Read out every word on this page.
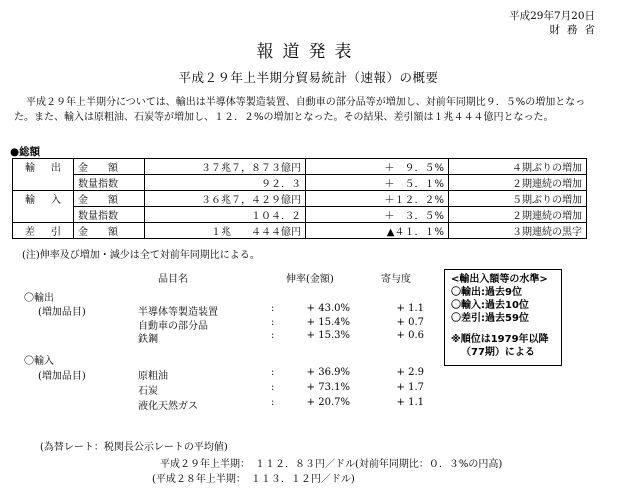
平成29年7月20日
財務省
報道発表
平成２９年上半期分貿易統計（速報）の概要

平成２９年上半期分については、輸出は半導体等製造装置、自動車の部分品等が増加し、対前年同期比９．５%の増加となった。また、輸入は原粗油、石炭等が増加し、１２．２%の増加となった。その結果、差引額は１兆４４４億円となった。

● 総額
輸出	金　　額	３７兆７，８７３億円	＋　９．５%	４期ぶりの増加
	数量指数	９２．３	＋　５．１%	２期連続の増加
輸入	金　　額	３６兆７，４２９億円	＋１２．２%	５期ぶりの増加
	数量指数	１０４．２	＋　３．５%	２期連続の増加
差引	金　　額	１兆　　４４４億円	▲４１．１%	３期連続の黒字
(注)伸率及び増加・減少は全て対前年同期比による。
品目名	伸率(金額)	寄与度
〇輸出
(増加品目)	半導体等製造装置	:	+ 43.0%	+ 1.1
自動車の部分品	:	+ 15.4%	+ 0.7
鉄鋼	:	+ 15.3%	+ 0.6
〇輸入
(増加品目)	原粗油	:	+ 36.9%	+ 2.9
石炭	:	+ 73.1%	+ 1.7
液化天然ガス	:	+ 20.7%	+ 1.1
<輸出入額等の水準>
〇輸出:過去9位
〇輸入:過去10位
〇差引:過去59位
※順位は1979年以降
（77期）による
(為替レート：税関長公示レートの平均値)
平成２９年上半期：　１１２．８３円／ドル(対前年同期比：０．３%の円高)
(平成２８年上半期：　１１３．１２円／ドル)
